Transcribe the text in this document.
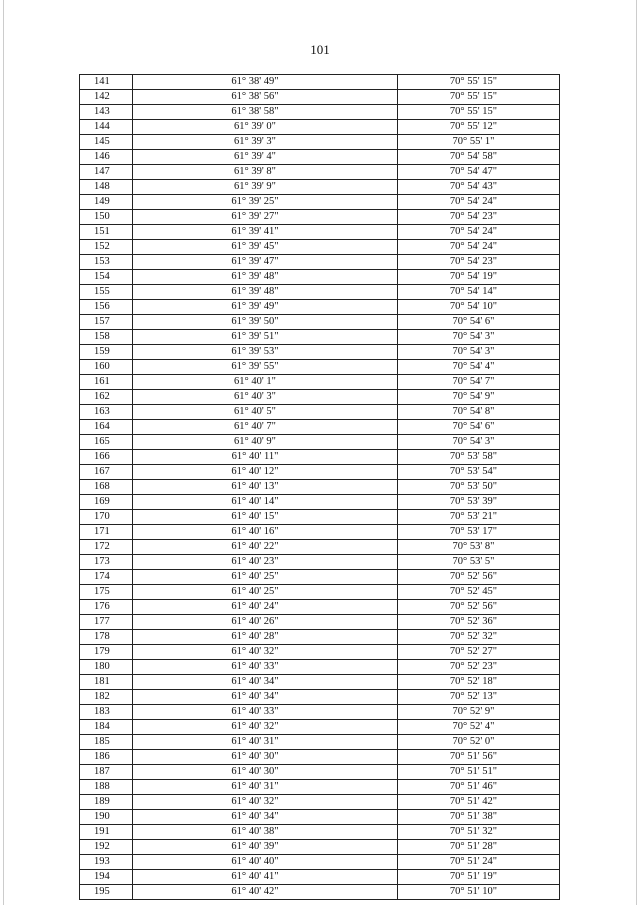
101
141	61° 38' 49"	70° 55' 15"
142	61° 38' 56"	70° 55' 15"
143	61° 38' 58"	70° 55' 15"
144	61° 39' 0"	70° 55' 12"
145	61° 39' 3"	70° 55' 1"
146	61° 39' 4"	70° 54' 58"
147	61° 39' 8"	70° 54' 47"
148	61° 39' 9"	70° 54' 43"
149	61° 39' 25"	70° 54' 24"
150	61° 39' 27"	70° 54' 23"
151	61° 39' 41"	70° 54' 24"
152	61° 39' 45"	70° 54' 24"
153	61° 39' 47"	70° 54' 23"
154	61° 39' 48"	70° 54' 19"
155	61° 39' 48"	70° 54' 14"
156	61° 39' 49"	70° 54' 10"
157	61° 39' 50"	70° 54' 6"
158	61° 39' 51"	70° 54' 3"
159	61° 39' 53"	70° 54' 3"
160	61° 39' 55"	70° 54' 4"
161	61° 40' 1"	70° 54' 7"
162	61° 40' 3"	70° 54' 9"
163	61° 40' 5"	70° 54' 8"
164	61° 40' 7"	70° 54' 6"
165	61° 40' 9"	70° 54' 3"
166	61° 40' 11"	70° 53' 58"
167	61° 40' 12"	70° 53' 54"
168	61° 40' 13"	70° 53' 50"
169	61° 40' 14"	70° 53' 39"
170	61° 40' 15"	70° 53' 21"
171	61° 40' 16"	70° 53' 17"
172	61° 40' 22"	70° 53' 8"
173	61° 40' 23"	70° 53' 5"
174	61° 40' 25"	70° 52' 56"
175	61° 40' 25"	70° 52' 45"
176	61° 40' 24"	70° 52' 56"
177	61° 40' 26"	70° 52' 36"
178	61° 40' 28"	70° 52' 32"
179	61° 40' 32"	70° 52' 27"
180	61° 40' 33"	70° 52' 23"
181	61° 40' 34"	70° 52' 18"
182	61° 40' 34"	70° 52' 13"
183	61° 40' 33"	70° 52' 9"
184	61° 40' 32"	70° 52' 4"
185	61° 40' 31"	70° 52' 0"
186	61° 40' 30"	70° 51' 56"
187	61° 40' 30"	70° 51' 51"
188	61° 40' 31"	70° 51' 46"
189	61° 40' 32"	70° 51' 42"
190	61° 40' 34"	70° 51' 38"
191	61° 40' 38"	70° 51' 32"
192	61° 40' 39"	70° 51' 28"
193	61° 40' 40"	70° 51' 24"
194	61° 40' 41"	70° 51' 19"
195	61° 40' 42"	70° 51' 10"
